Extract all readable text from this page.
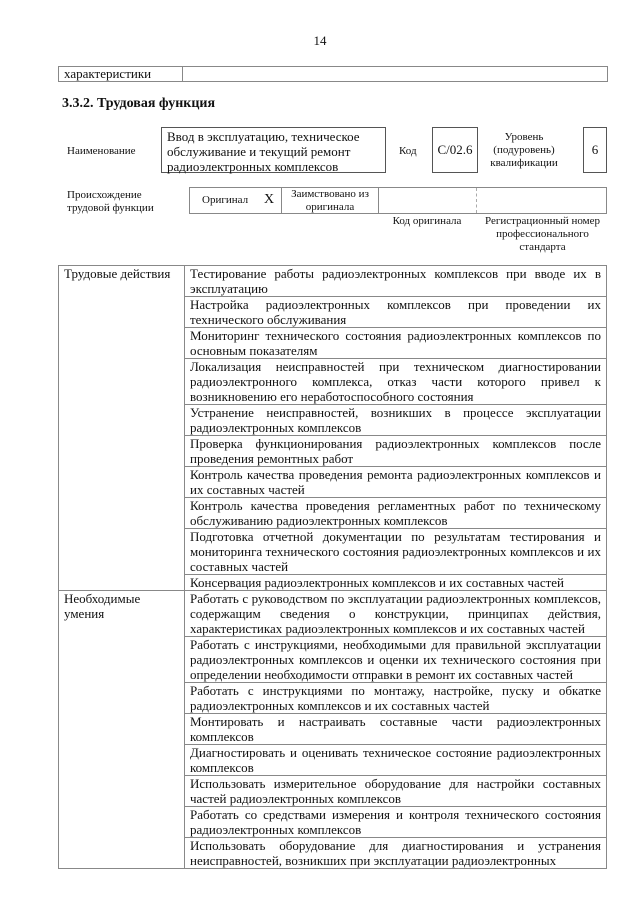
14
характеристики
3.3.2. Трудовая функция
Наименование
Ввод в эксплуатацию, техническое обслуживание и текущий ремонт радиоэлектронных комплексов
Код	С/02.6
Уровень (подуровень) квалификации
6
Происхождение трудовой функции
Оригинал X	Заимствовано из оригинала
Код оригинала	Регистрационный номер профессионального стандарта
Трудовые действия	Тестирование работы радиоэлектронных комплексов при вводе их в эксплуатацию
	Настройка радиоэлектронных комплексов при проведении их технического обслуживания
	Мониторинг технического состояния радиоэлектронных комплексов по основным показателям
	Локализация неисправностей при техническом диагностировании радиоэлектронного комплекса, отказ части которого привел к возникновению его неработоспособного состояния
	Устранение неисправностей, возникших в процессе эксплуатации радиоэлектронных комплексов
	Проверка функционирования радиоэлектронных комплексов после проведения ремонтных работ
	Контроль качества проведения ремонта радиоэлектронных комплексов и их составных частей
	Контроль качества проведения регламентных работ по техническому обслуживанию радиоэлектронных комплексов
	Подготовка отчетной документации по результатам тестирования и мониторинга технического состояния радиоэлектронных комплексов и их составных частей
	Консервация радиоэлектронных комплексов и их составных частей
Необходимые умения	Работать с руководством по эксплуатации радиоэлектронных комплексов, содержащим сведения о конструкции, принципах действия, характеристиках радиоэлектронных комплексов и их составных частей
	Работать с инструкциями, необходимыми для правильной эксплуатации радиоэлектронных комплексов и оценки их технического состояния при определении необходимости отправки в ремонт их составных частей
	Работать с инструкциями по монтажу, настройке, пуску и обкатке радиоэлектронных комплексов и их составных частей
	Монтировать и настраивать составные части радиоэлектронных комплексов
	Диагностировать и оценивать техническое состояние радиоэлектронных комплексов
	Использовать измерительное оборудование для настройки составных частей радиоэлектронных комплексов
	Работать со средствами измерения и контроля технического состояния радиоэлектронных комплексов
	Использовать оборудование для диагностирования и устранения неисправностей, возникших при эксплуатации радиоэлектронных
